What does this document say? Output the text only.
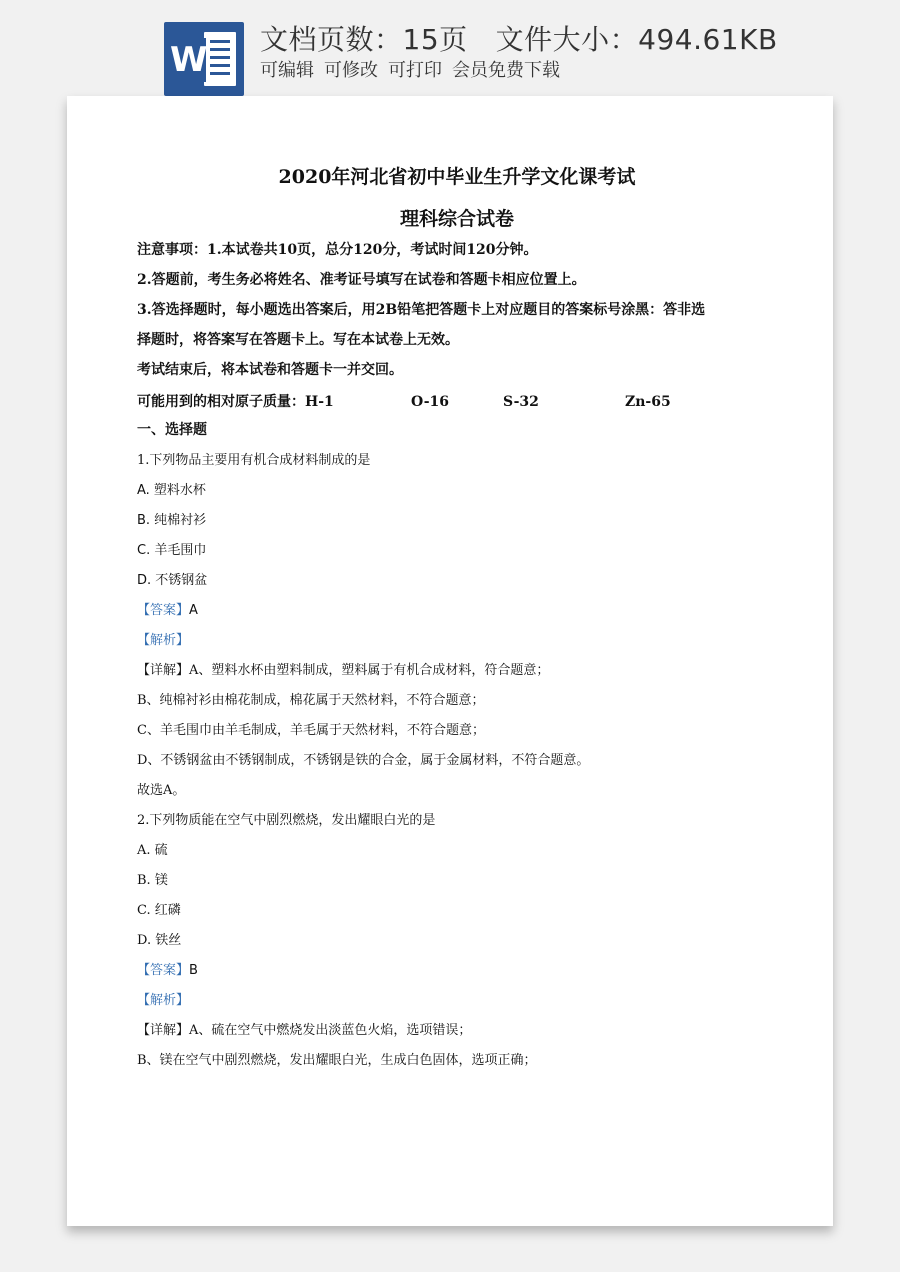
W
文档页数：15页 文件大小：494.61KB
可编辑 可修改 可打印 会员免费下载
2020年河北省初中毕业生升学文化课考试
理科综合试卷
注意事项：1.本试卷共10页，总分120分，考试时间120分钟。
2.答题前，考生务必将姓名、准考证号填写在试卷和答题卡相应位置上。
3.答选择题时，每小题选出答案后，用2B铅笔把答题卡上对应题目的答案标号涂黑：答非选
择题时，将答案写在答题卡上。写在本试卷上无效。
考试结束后，将本试卷和答题卡一并交回。
可能用到的相对原子质量：H-1	O-16	S-32	Zn-65
一、选择题
1.下列物品主要用有机合成材料制成的是
A. 塑料水杯
B. 纯棉衬衫
C. 羊毛围巾
D. 不锈钢盆
【答案】A
【解析】
【详解】A、塑料水杯由塑料制成，塑料属于有机合成材料，符合题意；
B、纯棉衬衫由棉花制成，棉花属于天然材料，不符合题意；
C、羊毛围巾由羊毛制成，羊毛属于天然材料，不符合题意；
D、不锈钢盆由不锈钢制成，不锈钢是铁的合金，属于金属材料，不符合题意。
故选A。
2.下列物质能在空气中剧烈燃烧，发出耀眼白光的是
A. 硫
B. 镁
C. 红磷
D. 铁丝
【答案】B
【解析】
【详解】A、硫在空气中燃烧发出淡蓝色火焰，选项错误；
B、镁在空气中剧烈燃烧，发出耀眼白光，生成白色固体，选项正确；
